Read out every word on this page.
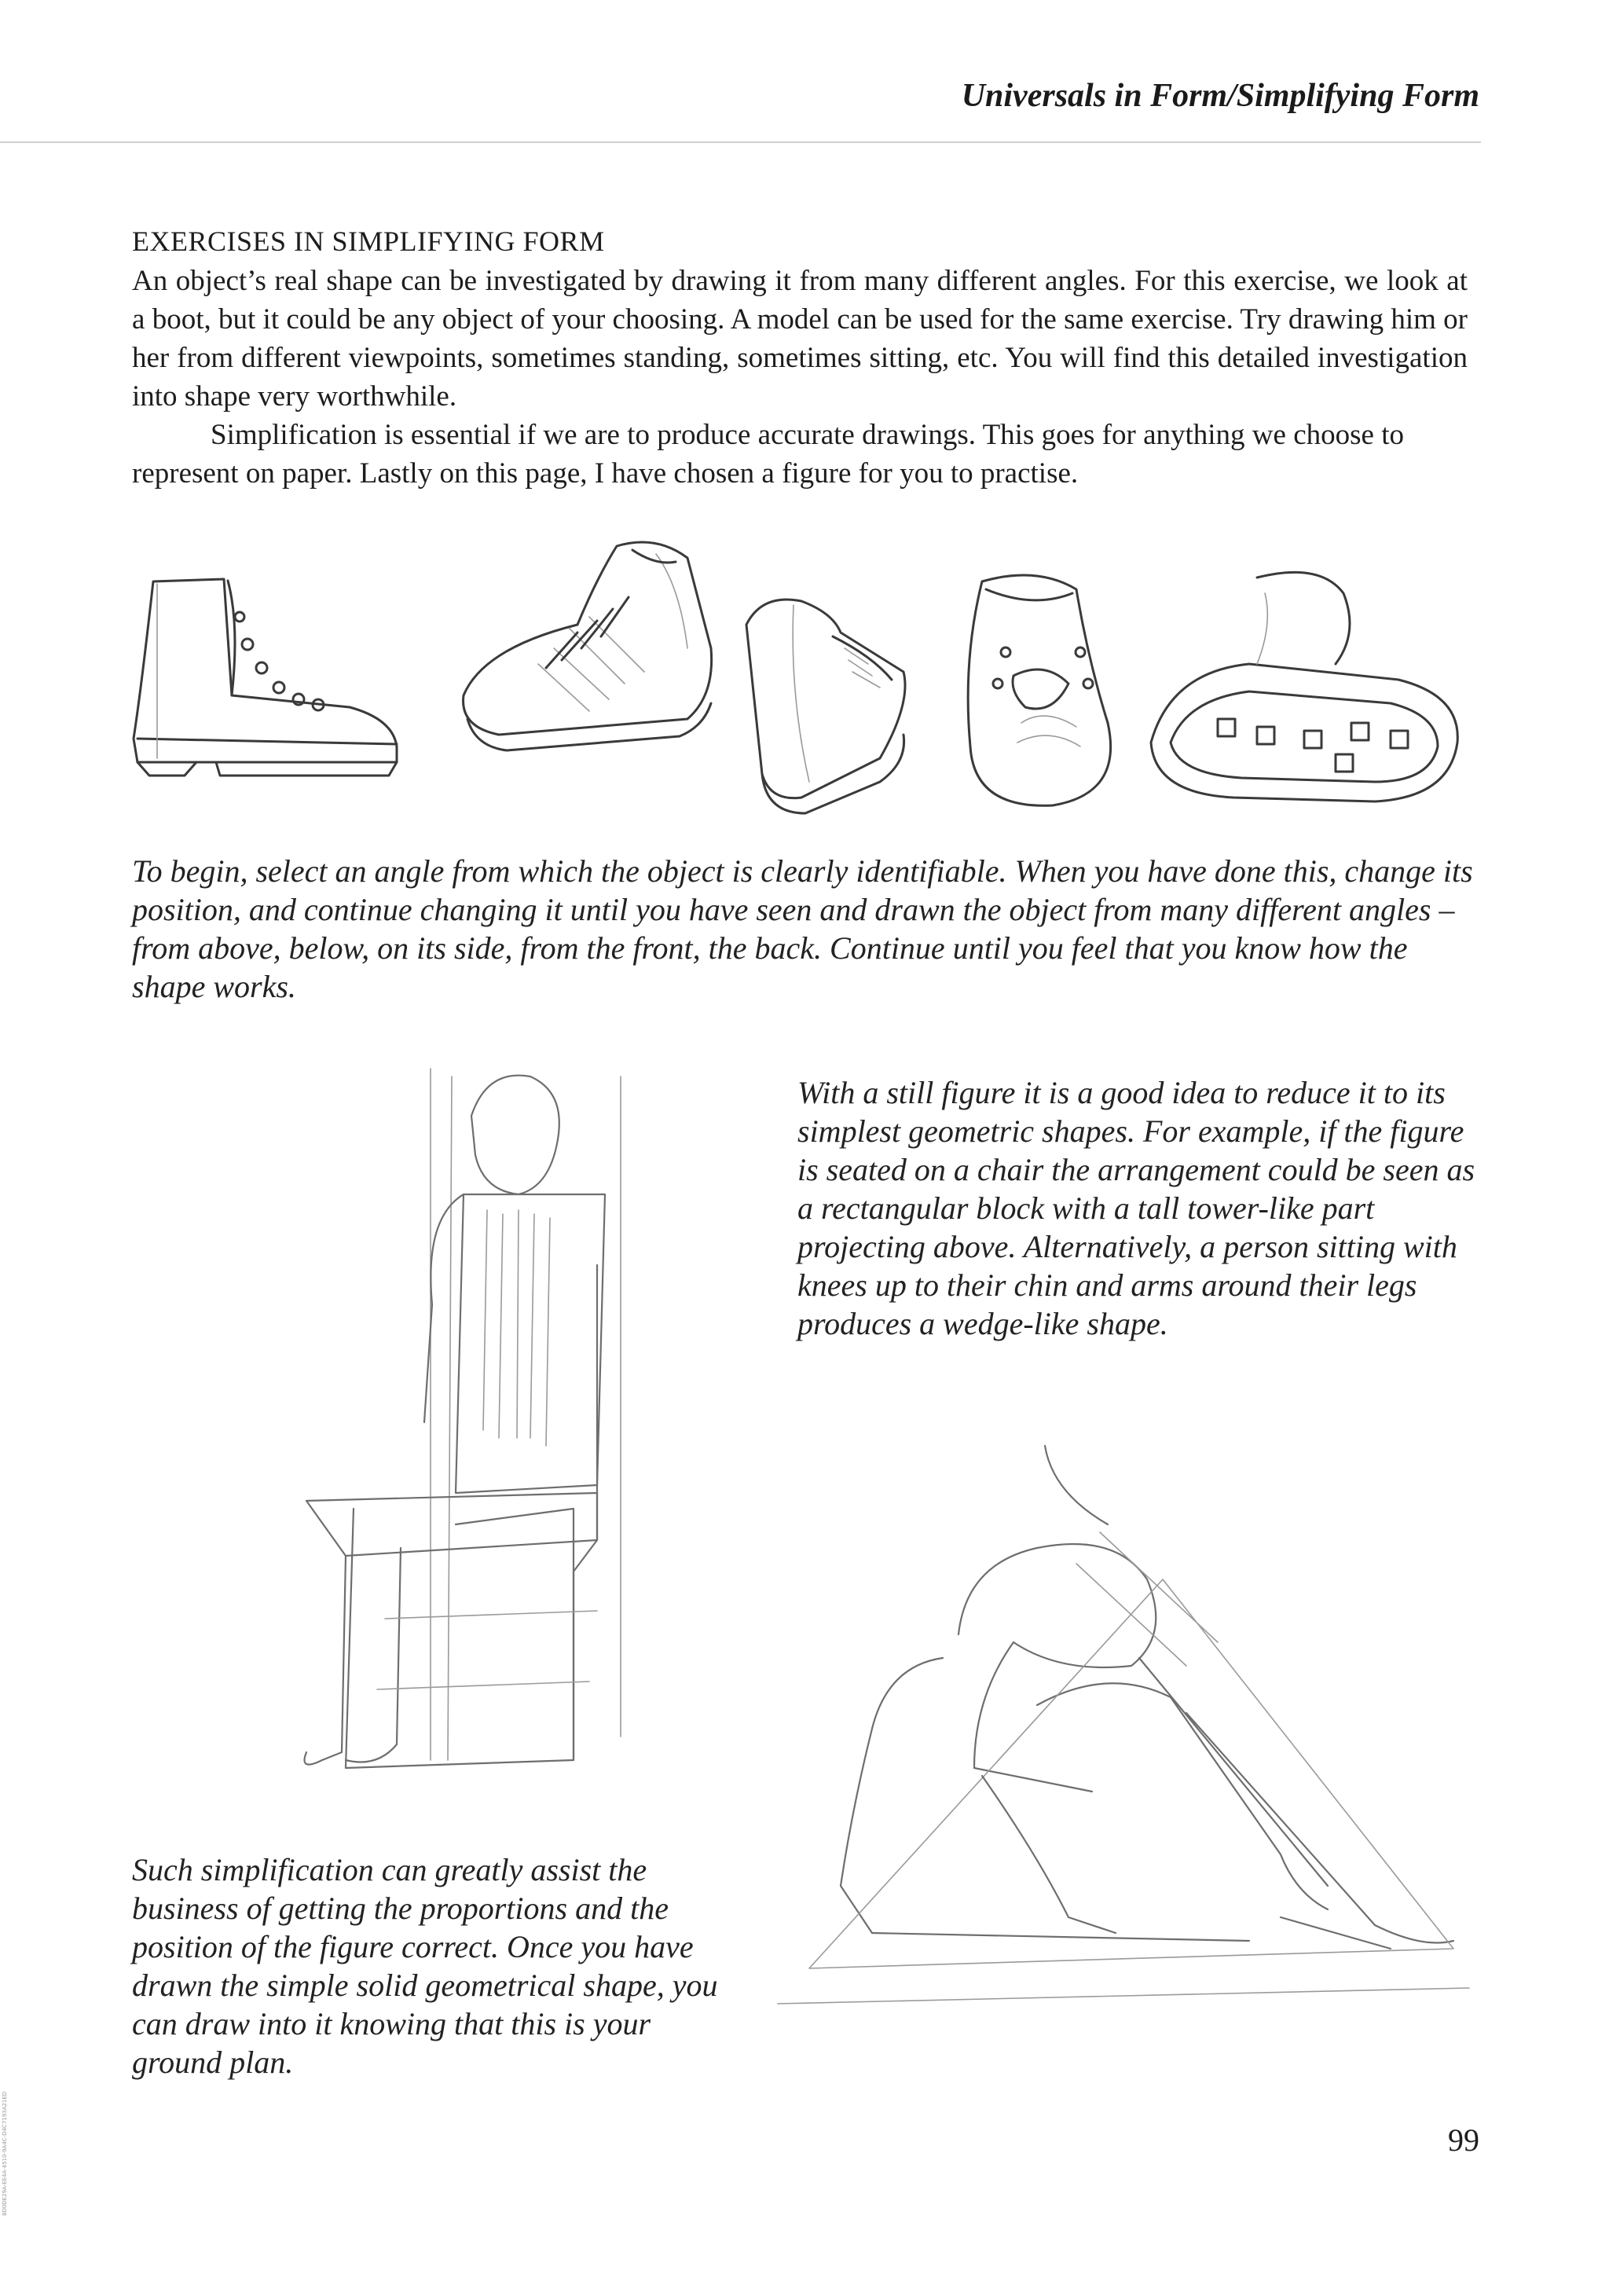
Universals in Form/Simplifying Form
EXERCISES IN SIMPLIFYING FORM

An object’s real shape can be investigated by drawing it from many different angles. For this exercise, we look at a boot, but it could be any object of your choosing. A model can be used for the same exercise. Try drawing him or her from different viewpoints, sometimes standing, sometimes sitting, etc. You will find this detailed investigation into shape very worthwhile.

Simplification is essential if we are to produce accurate drawings. This goes for anything we choose to represent on paper. Lastly on this page, I have chosen a figure for you to practise.

To begin, select an angle from which the object is clearly identifiable. When you have done this, change its position, and continue changing it until you have seen and drawn the object from many different angles – from above, below, on its side, from the front, the back. Continue until you feel that you know how the shape works.
With a still figure it is a good idea to reduce it to its simplest geometric shapes. For example, if the figure is seated on a chair the arrangement could be seen as a rectangular block with a tall tower-like part projecting above. Alternatively, a person sitting with knees up to their chin and arms around their legs produces a wedge-like shape.
Such simplification can greatly assist the business of getting the proportions and the position of the figure correct. Once you have drawn the simple solid geometrical shape, you can draw into it knowing that this is your ground plan.
99
8D0DE29A-EE4A-4510-9A4C-D4C7193A21ED
